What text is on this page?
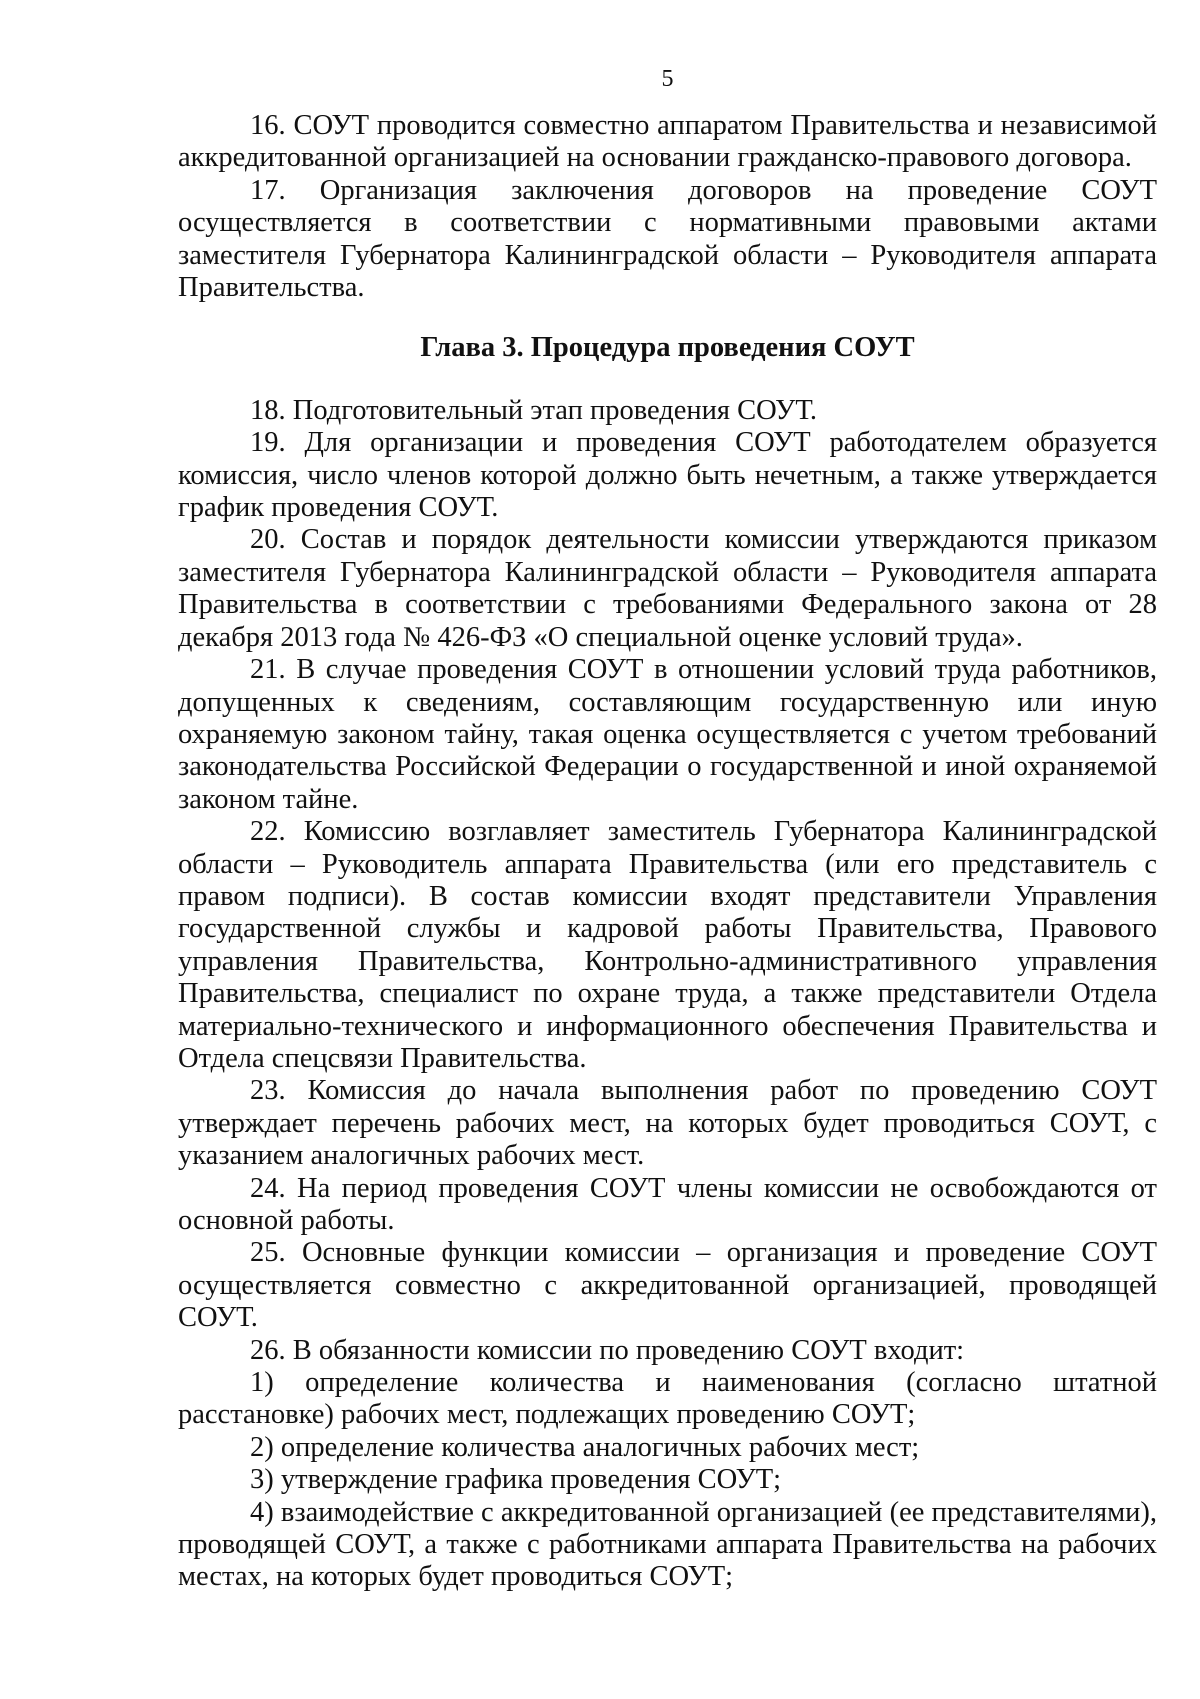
5

16. СОУТ проводится совместно аппаратом Правительства и независимой аккредитованной организацией на основании гражданско-правового договора.

17. Организация заключения договоров на проведение СОУТ осуществляется в соответствии с нормативными правовыми актами заместителя Губернатора Калининградской области – Руководителя аппарата Правительства.

Глава 3. Процедура проведения СОУТ

18. Подготовительный этап проведения СОУТ.

19. Для организации и проведения СОУТ работодателем образуется комиссия, число членов которой должно быть нечетным, а также утверждается график проведения СОУТ.

20. Состав и порядок деятельности комиссии утверждаются приказом заместителя Губернатора Калининградской области – Руководителя аппарата Правительства в соответствии с требованиями Федерального закона от 28 декабря 2013 года № 426-ФЗ «О специальной оценке условий труда».

21. В случае проведения СОУТ в отношении условий труда работников, допущенных к сведениям, составляющим государственную или иную охраняемую законом тайну, такая оценка осуществляется с учетом требований законодательства Российской Федерации о государственной и иной охраняемой законом тайне.

22. Комиссию возглавляет заместитель Губернатора Калининградской области – Руководитель аппарата Правительства (или его представитель с правом подписи). В состав комиссии входят представители Управления государственной службы и кадровой работы Правительства, Правового управления Правительства, Контрольно-административного управления Правительства, специалист по охране труда, а также представители Отдела материально-технического и информационного обеспечения Правительства и Отдела спецсвязи Правительства.

23. Комиссия до начала выполнения работ по проведению СОУТ утверждает перечень рабочих мест, на которых будет проводиться СОУТ, с указанием аналогичных рабочих мест.

24. На период проведения СОУТ члены комиссии не освобождаются от основной работы.

25. Основные функции комиссии – организация и проведение СОУТ осуществляется совместно с аккредитованной организацией, проводящей СОУТ.

26. В обязанности комиссии по проведению СОУТ входит:

1) определение количества и наименования (согласно штатной расстановке) рабочих мест, подлежащих проведению СОУТ;

2) определение количества аналогичных рабочих мест;

3) утверждение графика проведения СОУТ;

4) взаимодействие с аккредитованной организацией (ее представителями), проводящей СОУТ, а также с работниками аппарата Правительства на рабочих местах, на которых будет проводиться СОУТ;
